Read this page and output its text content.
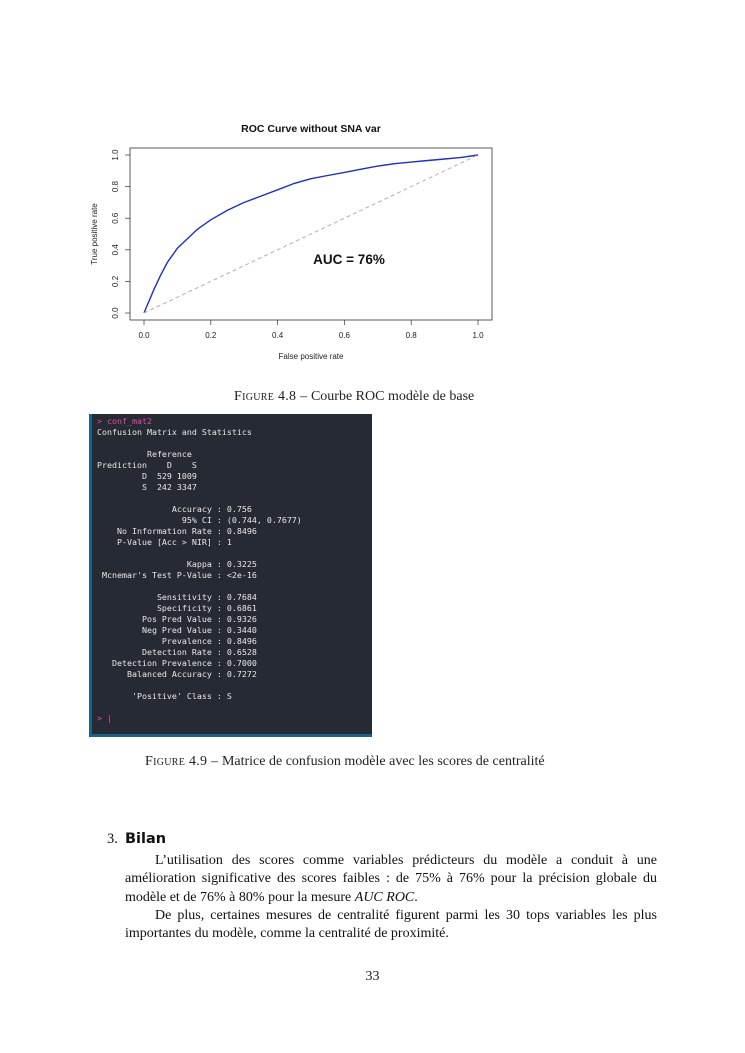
ROC Curve without SNA var
0.0	0.2	0.4	0.6	0.8	1.0
0.0
0.2
0.4
0.6
0.8
1.0
AUC = 76%
False positive rate
True positive rate
Figure 4.8 – Courbe ROC modèle de base
> conf_mat2
Confusion Matrix and Statistics
Reference
Prediction    D    S
D  529 1009
S  242 3347
Accuracy : 0.756
95% CI : (0.744, 0.7677)
No Information Rate : 0.8496
P-Value [Acc > NIR] : 1
Kappa : 0.3225
Mcnemar's Test P-Value : <2e-16
Sensitivity : 0.7684
Specificity : 0.6861
Pos Pred Value : 0.9326
Neg Pred Value : 0.3440
Prevalence : 0.8496
Detection Rate : 0.6528
Detection Prevalence : 0.7000
Balanced Accuracy : 0.7272
'Positive' Class : S
> |
Figure 4.9 – Matrice de confusion modèle avec les scores de centralité
3. Bilan
L’utilisation des scores comme variables prédicteurs du modèle a conduit à une amélioration significative des scores faibles : de 75% à 76% pour la précision globale du modèle et de 76% à 80% pour la mesure AUC ROC.
De plus, certaines mesures de centralité figurent parmi les 30 tops variables les plus importantes du modèle, comme la centralité de proximité.
33
